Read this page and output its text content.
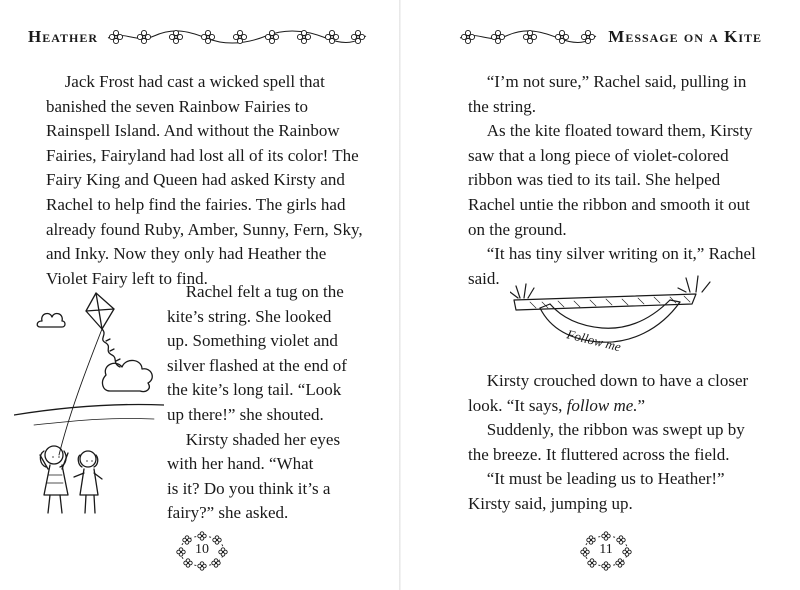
Heather

Jack Frost had cast a wicked spell that banished the seven Rainbow Fairies to Rainspell Island. And without the Rainbow Fairies, Fairyland had lost all of its color! The Fairy King and Queen had asked Kirsty and Rachel to help find the fairies. The girls had already found Ruby, Amber, Sunny, Fern, Sky, and Inky. Now they only had Heather the Violet Fairy left to find.

Rachel felt a tug on the

kite’s string. She looked

up. Something violet and

silver flashed at the end of

the kite’s long tail. “Look

up there!” she shouted.

Kirsty shaded her eyes

with her hand. “What

is it? Do you think it’s a

fairy?” she asked.

10
Message on a Kite

“I’m not sure,” Rachel said, pulling in the string.

As the kite floated toward them, Kirsty saw that a long piece of violet-colored ribbon was tied to its tail. She helped Rachel untie the ribbon and smooth it out on the ground.

“It has tiny silver writing on it,” Rachel said.

Follow me

Kirsty crouched down to have a closer look. “It says, follow me.”

Suddenly, the ribbon was swept up by the breeze. It fluttered across the field.

“It must be leading us to Heather!” Kirsty said, jumping up.

11
